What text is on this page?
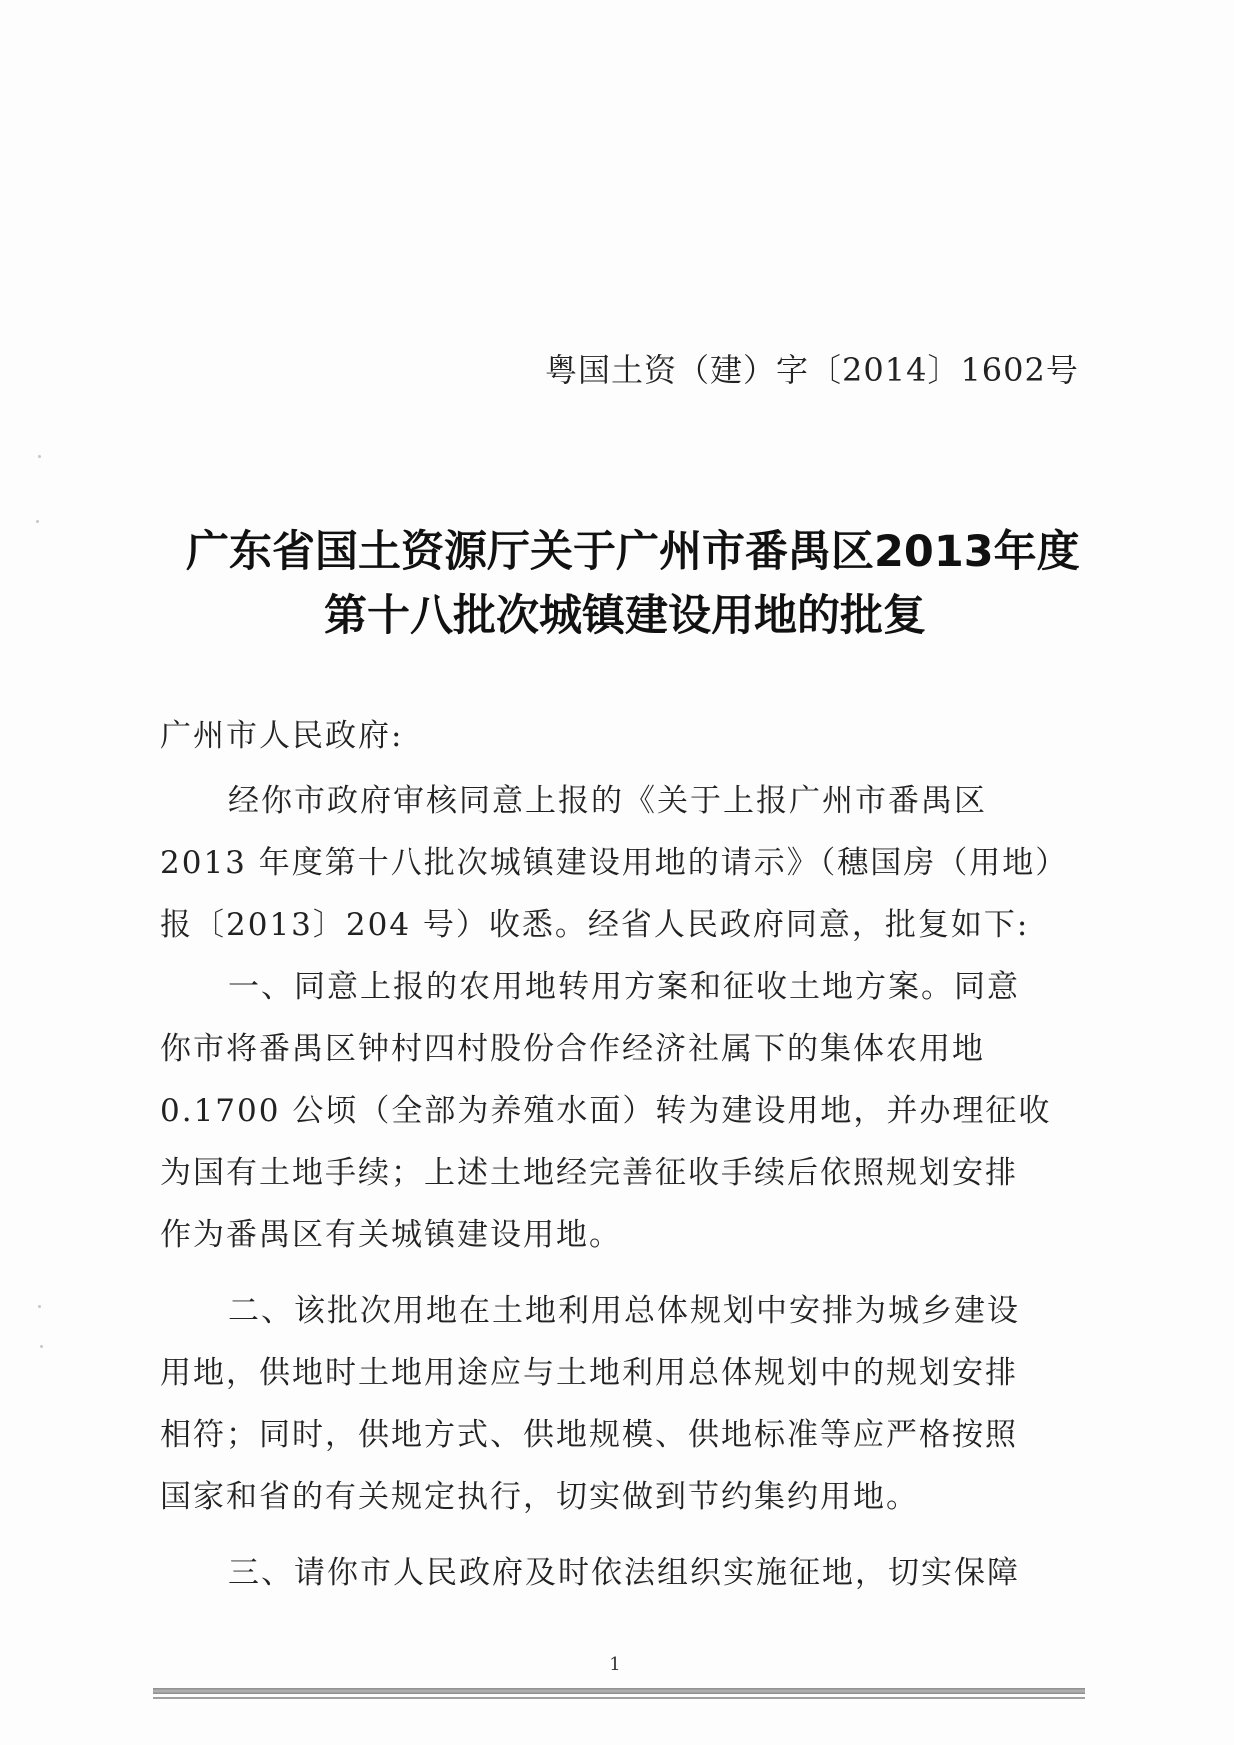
粤国土资（建）字〔2014〕1602号
广东省国土资源厅关于广州市番禺区2013年度
第十八批次城镇建设用地的批复
广州市人民政府:
经你市政府审核同意上报的《关于上报广州市番禺区
2013 年度第十八批次城镇建设用地的请示》（穗国房（用地）
报〔2013〕204 号）收悉。经省人民政府同意，批复如下:
一、同意上报的农用地转用方案和征收土地方案。同意
你市将番禺区钟村四村股份合作经济社属下的集体农用地
0.1700 公顷（全部为养殖水面）转为建设用地，并办理征收
为国有土地手续；上述土地经完善征收手续后依照规划安排
作为番禺区有关城镇建设用地。
二、该批次用地在土地利用总体规划中安排为城乡建设
用地，供地时土地用途应与土地利用总体规划中的规划安排
相符；同时，供地方式、供地规模、供地标准等应严格按照
国家和省的有关规定执行，切实做到节约集约用地。
三、请你市人民政府及时依法组织实施征地，切实保障
1
